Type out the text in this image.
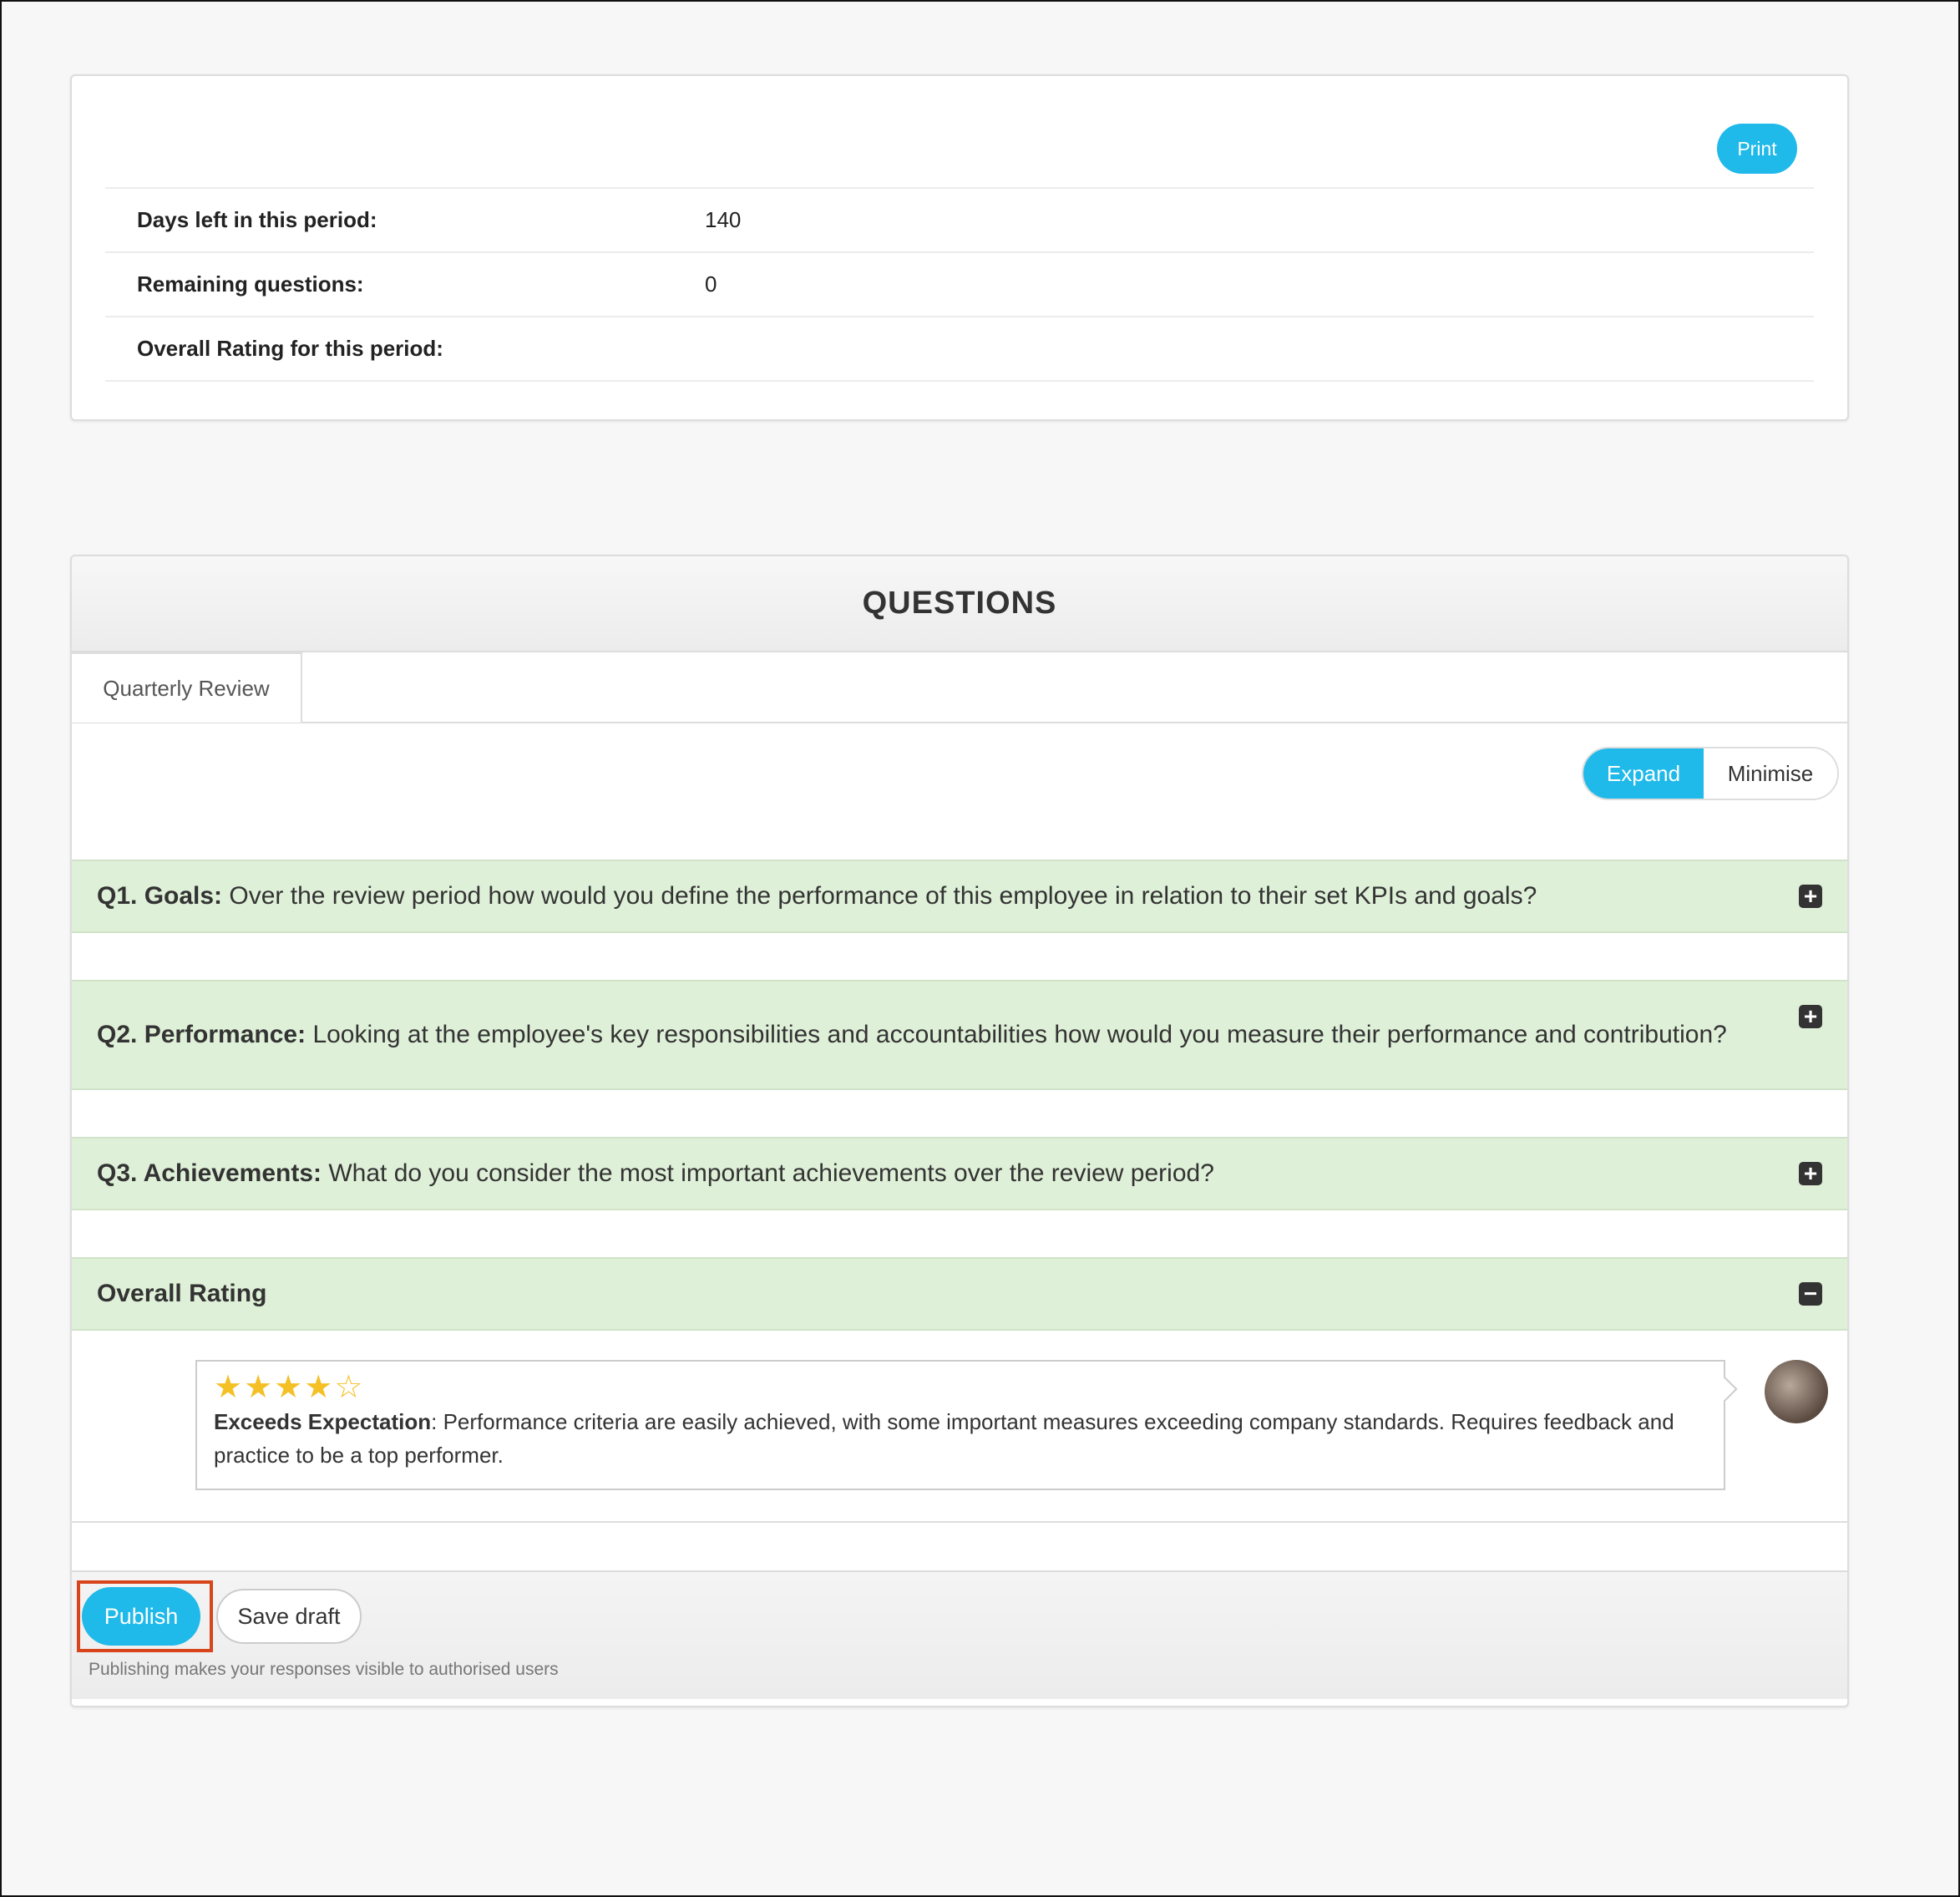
Print
Days left in this period:	140
Remaining questions:	0
Overall Rating for this period:
QUESTIONS
Quarterly Review
Expand	Minimise
Q1. Goals: Over the review period how would you define the performance of this employee in relation to their set KPIs and goals?	+
Q2. Performance: Looking at the employee's key responsibilities and accountabilities how would you measure their performance and contribution?
+
Q3. Achievements: What do you consider the most important achievements over the review period?	+
Overall Rating	−
★★★★☆
Exceeds Expectation: Performance criteria are easily achieved, with some important measures exceeding company standards. Requires feedback and practice to be a top performer.
Publish	Save draft
Publishing makes your responses visible to authorised users
